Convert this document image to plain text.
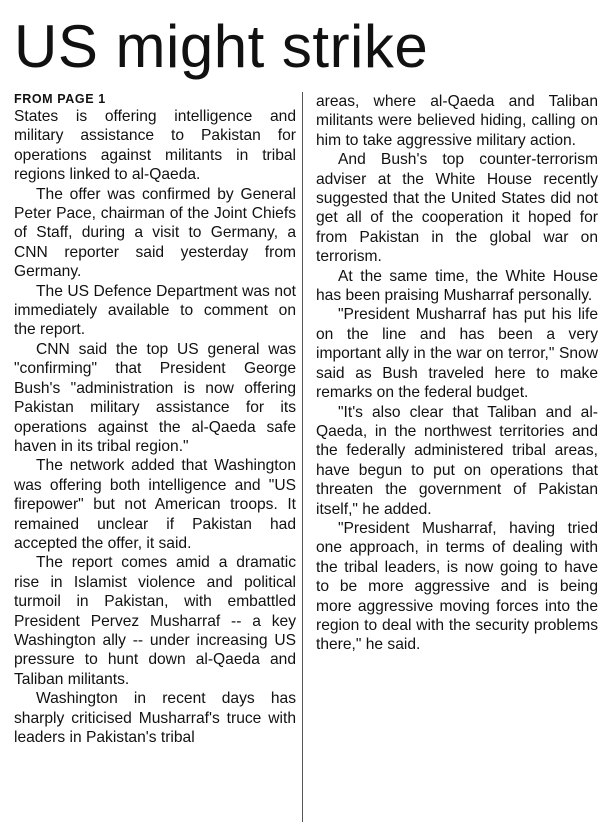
US might strike
FROM PAGE 1

States is offering intelligence and military assistance to Pakistan for operations against militants in tribal regions linked to al-Qaeda.

The offer was confirmed by General Peter Pace, chairman of the Joint Chiefs of Staff, during a visit to Germany, a CNN reporter said yesterday from Germany.

The US Defence Department was not immediately available to comment on the report.

CNN said the top US general was "confirming" that President George Bush's "administration is now offering Pakistan military assistance for its operations against the al-Qaeda safe haven in its tribal region."

The network added that Washington was offering both intelligence and "US firepower" but not American troops. It remained unclear if Pakistan had accepted the offer, it said.

The report comes amid a dramatic rise in Islamist violence and political turmoil in Pakistan, with embattled President Pervez Musharraf -- a key Washington ally -- under increasing US pressure to hunt down al-Qaeda and Taliban militants.

Washington in recent days has sharply criticised Musharraf's truce with leaders in Pakistan's tribal

areas, where al-Qaeda and Taliban militants were believed hiding, calling on him to take aggressive military action.

And Bush's top counter-terrorism adviser at the White House recently suggested that the United States did not get all of the cooperation it hoped for from Pakistan in the global war on terrorism.

At the same time, the White House has been praising Musharraf personally.

"President Musharraf has put his life on the line and has been a very important ally in the war on terror," Snow said as Bush traveled here to make remarks on the federal budget.

"It's also clear that Taliban and al-Qaeda, in the northwest territories and the federally administered tribal areas, have begun to put on operations that threaten the government of Pakistan itself," he added.

"President Musharraf, having tried one approach, in terms of dealing with the tribal leaders, is now going to have to be more aggressive and is being more aggressive moving forces into the region to deal with the security problems there," he said.
